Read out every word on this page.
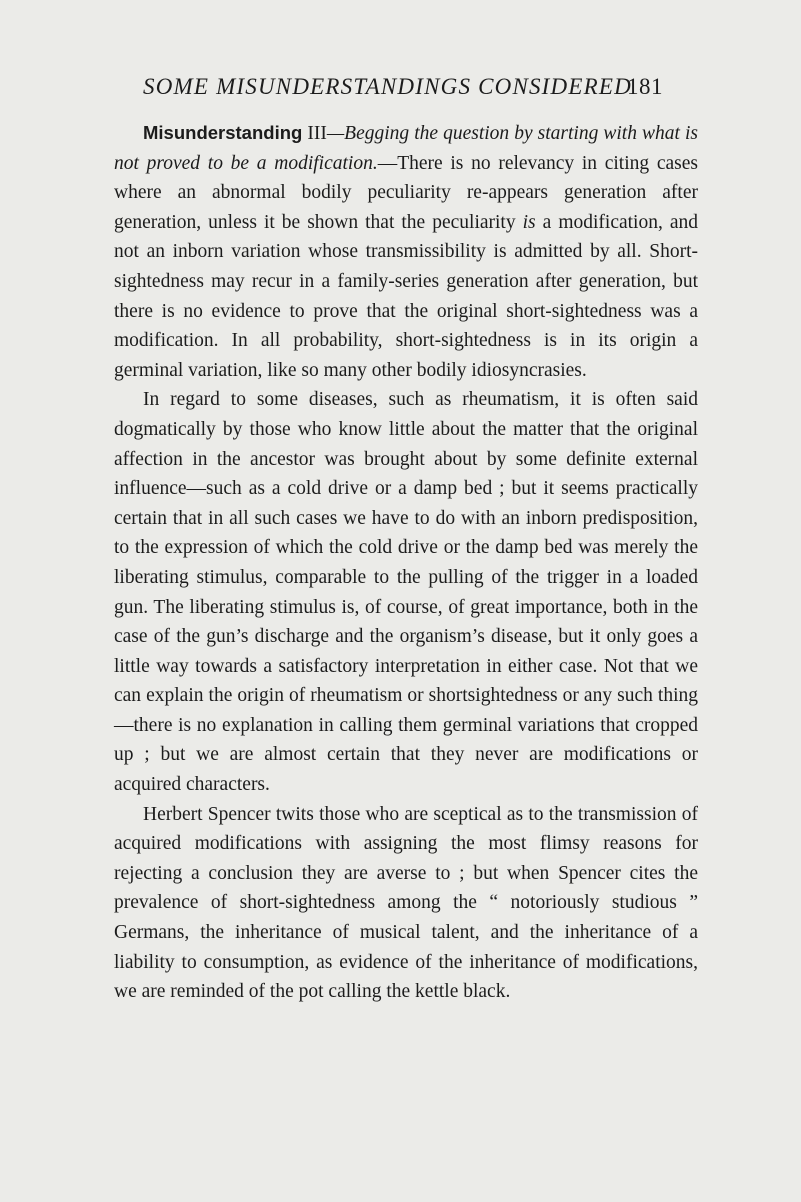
SOME MISUNDERSTANDINGS CONSIDERED
181

Misunderstanding III—Begging the question by starting with what is not proved to be a modification.—There is no relevancy in citing cases where an abnormal bodily peculiarity re-appears generation after generation, unless it be shown that the peculiarity is a modification, and not an inborn variation whose transmissibility is admitted by all. Short-sightedness may recur in a family-series generation after generation, but there is no evidence to prove that the original short-sightedness was a modification. In all probability, short-sightedness is in its origin a germinal variation, like so many other bodily idiosyncrasies.

In regard to some diseases, such as rheumatism, it is often said dogmatically by those who know little about the matter that the original affection in the ancestor was brought about by some definite external influence—such as a cold drive or a damp bed ; but it seems practically certain that in all such cases we have to do with an inborn predisposition, to the expression of which the cold drive or the damp bed was merely the liberating stimulus, comparable to the pulling of the trigger in a loaded gun. The liberating stimulus is, of course, of great importance, both in the case of the gun’s discharge and the organism’s disease, but it only goes a little way towards a satisfactory interpretation in either case. Not that we can explain the origin of rheumatism or shortsightedness or any such thing—there is no explanation in calling them germinal variations that cropped up ; but we are almost certain that they never are modifications or acquired characters.

Herbert Spencer twits those who are sceptical as to the transmission of acquired modifications with assigning the most flimsy reasons for rejecting a conclusion they are averse to ; but when Spencer cites the prevalence of short-sightedness among the “ notoriously studious ” Germans, the inheritance of musical talent, and the inheritance of a liability to consumption, as evidence of the inheritance of modifications, we are reminded of the pot calling the kettle black.
